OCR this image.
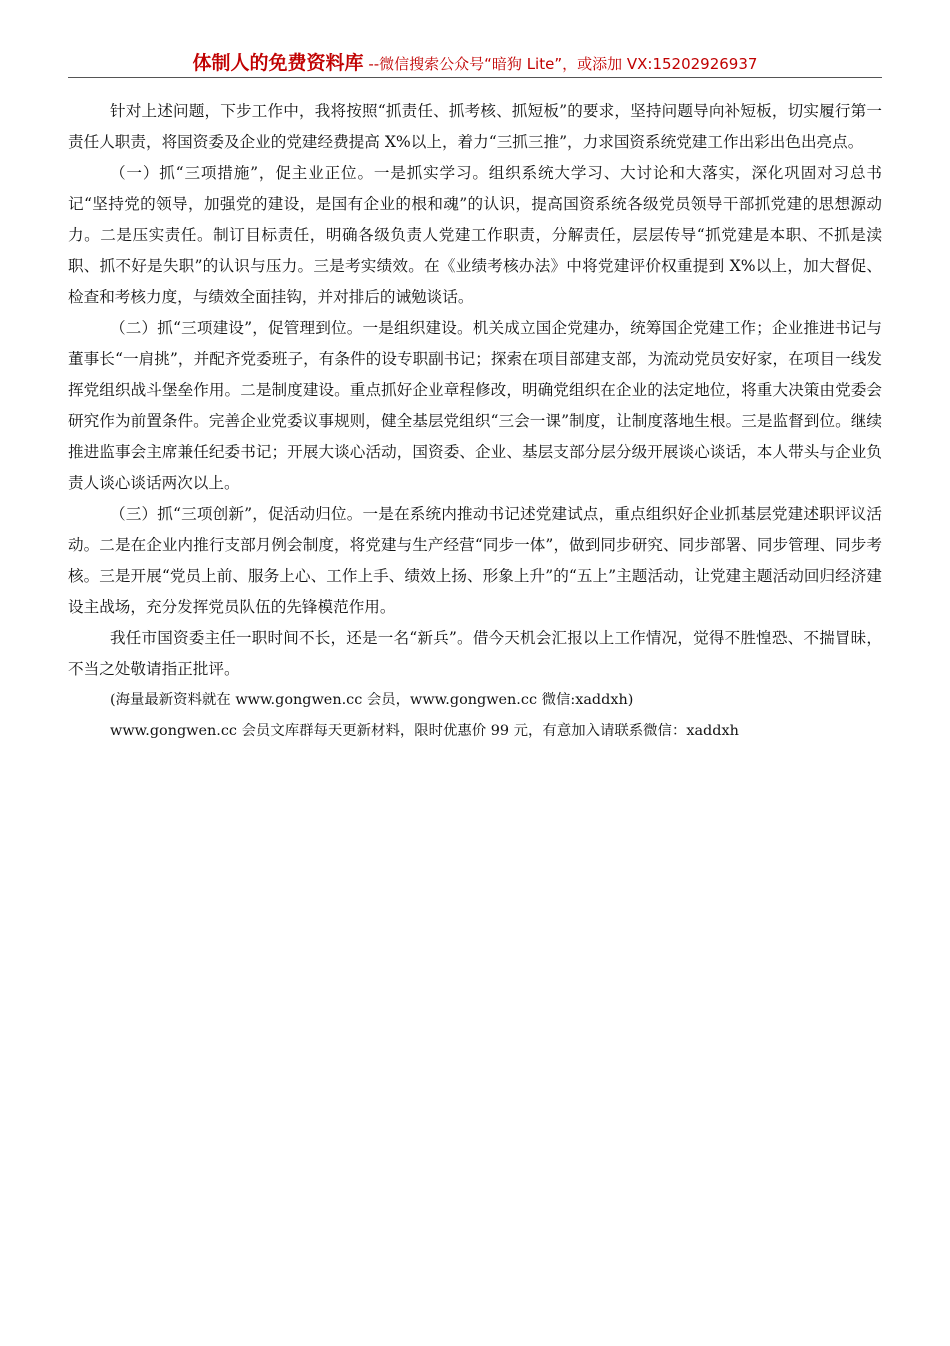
体制人的免费资料库 --微信搜索公众号“暗狗 Lite”，或添加 VX:15202926937

针对上述问题，下步工作中，我将按照“抓责任、抓考核、抓短板”的要求，坚持问题导向补短板，切实履行第一责任人职责，将国资委及企业的党建经费提高 X%以上，着力“三抓三推”，力求国资系统党建工作出彩出色出亮点。

（一）抓“三项措施”，促主业正位。一是抓实学习。组织系统大学习、大讨论和大落实，深化巩固对习总书记“坚持党的领导，加强党的建设，是国有企业的根和魂”的认识，提高国资系统各级党员领导干部抓党建的思想源动力。二是压实责任。制订目标责任，明确各级负责人党建工作职责，分解责任，层层传导“抓党建是本职、不抓是渎职、抓不好是失职”的认识与压力。三是考实绩效。在《业绩考核办法》中将党建评价权重提到 X%以上，加大督促、检查和考核力度，与绩效全面挂钩，并对排后的诫勉谈话。

（二）抓“三项建设”，促管理到位。一是组织建设。机关成立国企党建办，统筹国企党建工作；企业推进书记与董事长“一肩挑”，并配齐党委班子，有条件的设专职副书记；探索在项目部建支部，为流动党员安好家，在项目一线发挥党组织战斗堡垒作用。二是制度建设。重点抓好企业章程修改，明确党组织在企业的法定地位，将重大决策由党委会研究作为前置条件。完善企业党委议事规则，健全基层党组织“三会一课”制度，让制度落地生根。三是监督到位。继续推进监事会主席兼任纪委书记；开展大谈心活动，国资委、企业、基层支部分层分级开展谈心谈话，本人带头与企业负责人谈心谈话两次以上。

（三）抓“三项创新”，促活动归位。一是在系统内推动书记述党建试点，重点组织好企业抓基层党建述职评议活动。二是在企业内推行支部月例会制度，将党建与生产经营“同步一体”，做到同步研究、同步部署、同步管理、同步考核。三是开展“党员上前、服务上心、工作上手、绩效上扬、形象上升”的“五上”主题活动，让党建主题活动回归经济建设主战场，充分发挥党员队伍的先锋模范作用。

我任市国资委主任一职时间不长，还是一名“新兵”。借今天机会汇报以上工作情况，觉得不胜惶恐、不揣冒昧，不当之处敬请指正批评。

(海量最新资料就在 www.gongwen.cc 会员，www.gongwen.cc 微信:xaddxh)

www.gongwen.cc 会员文库群每天更新材料，限时优惠价 99 元，有意加入请联系微信：xaddxh
